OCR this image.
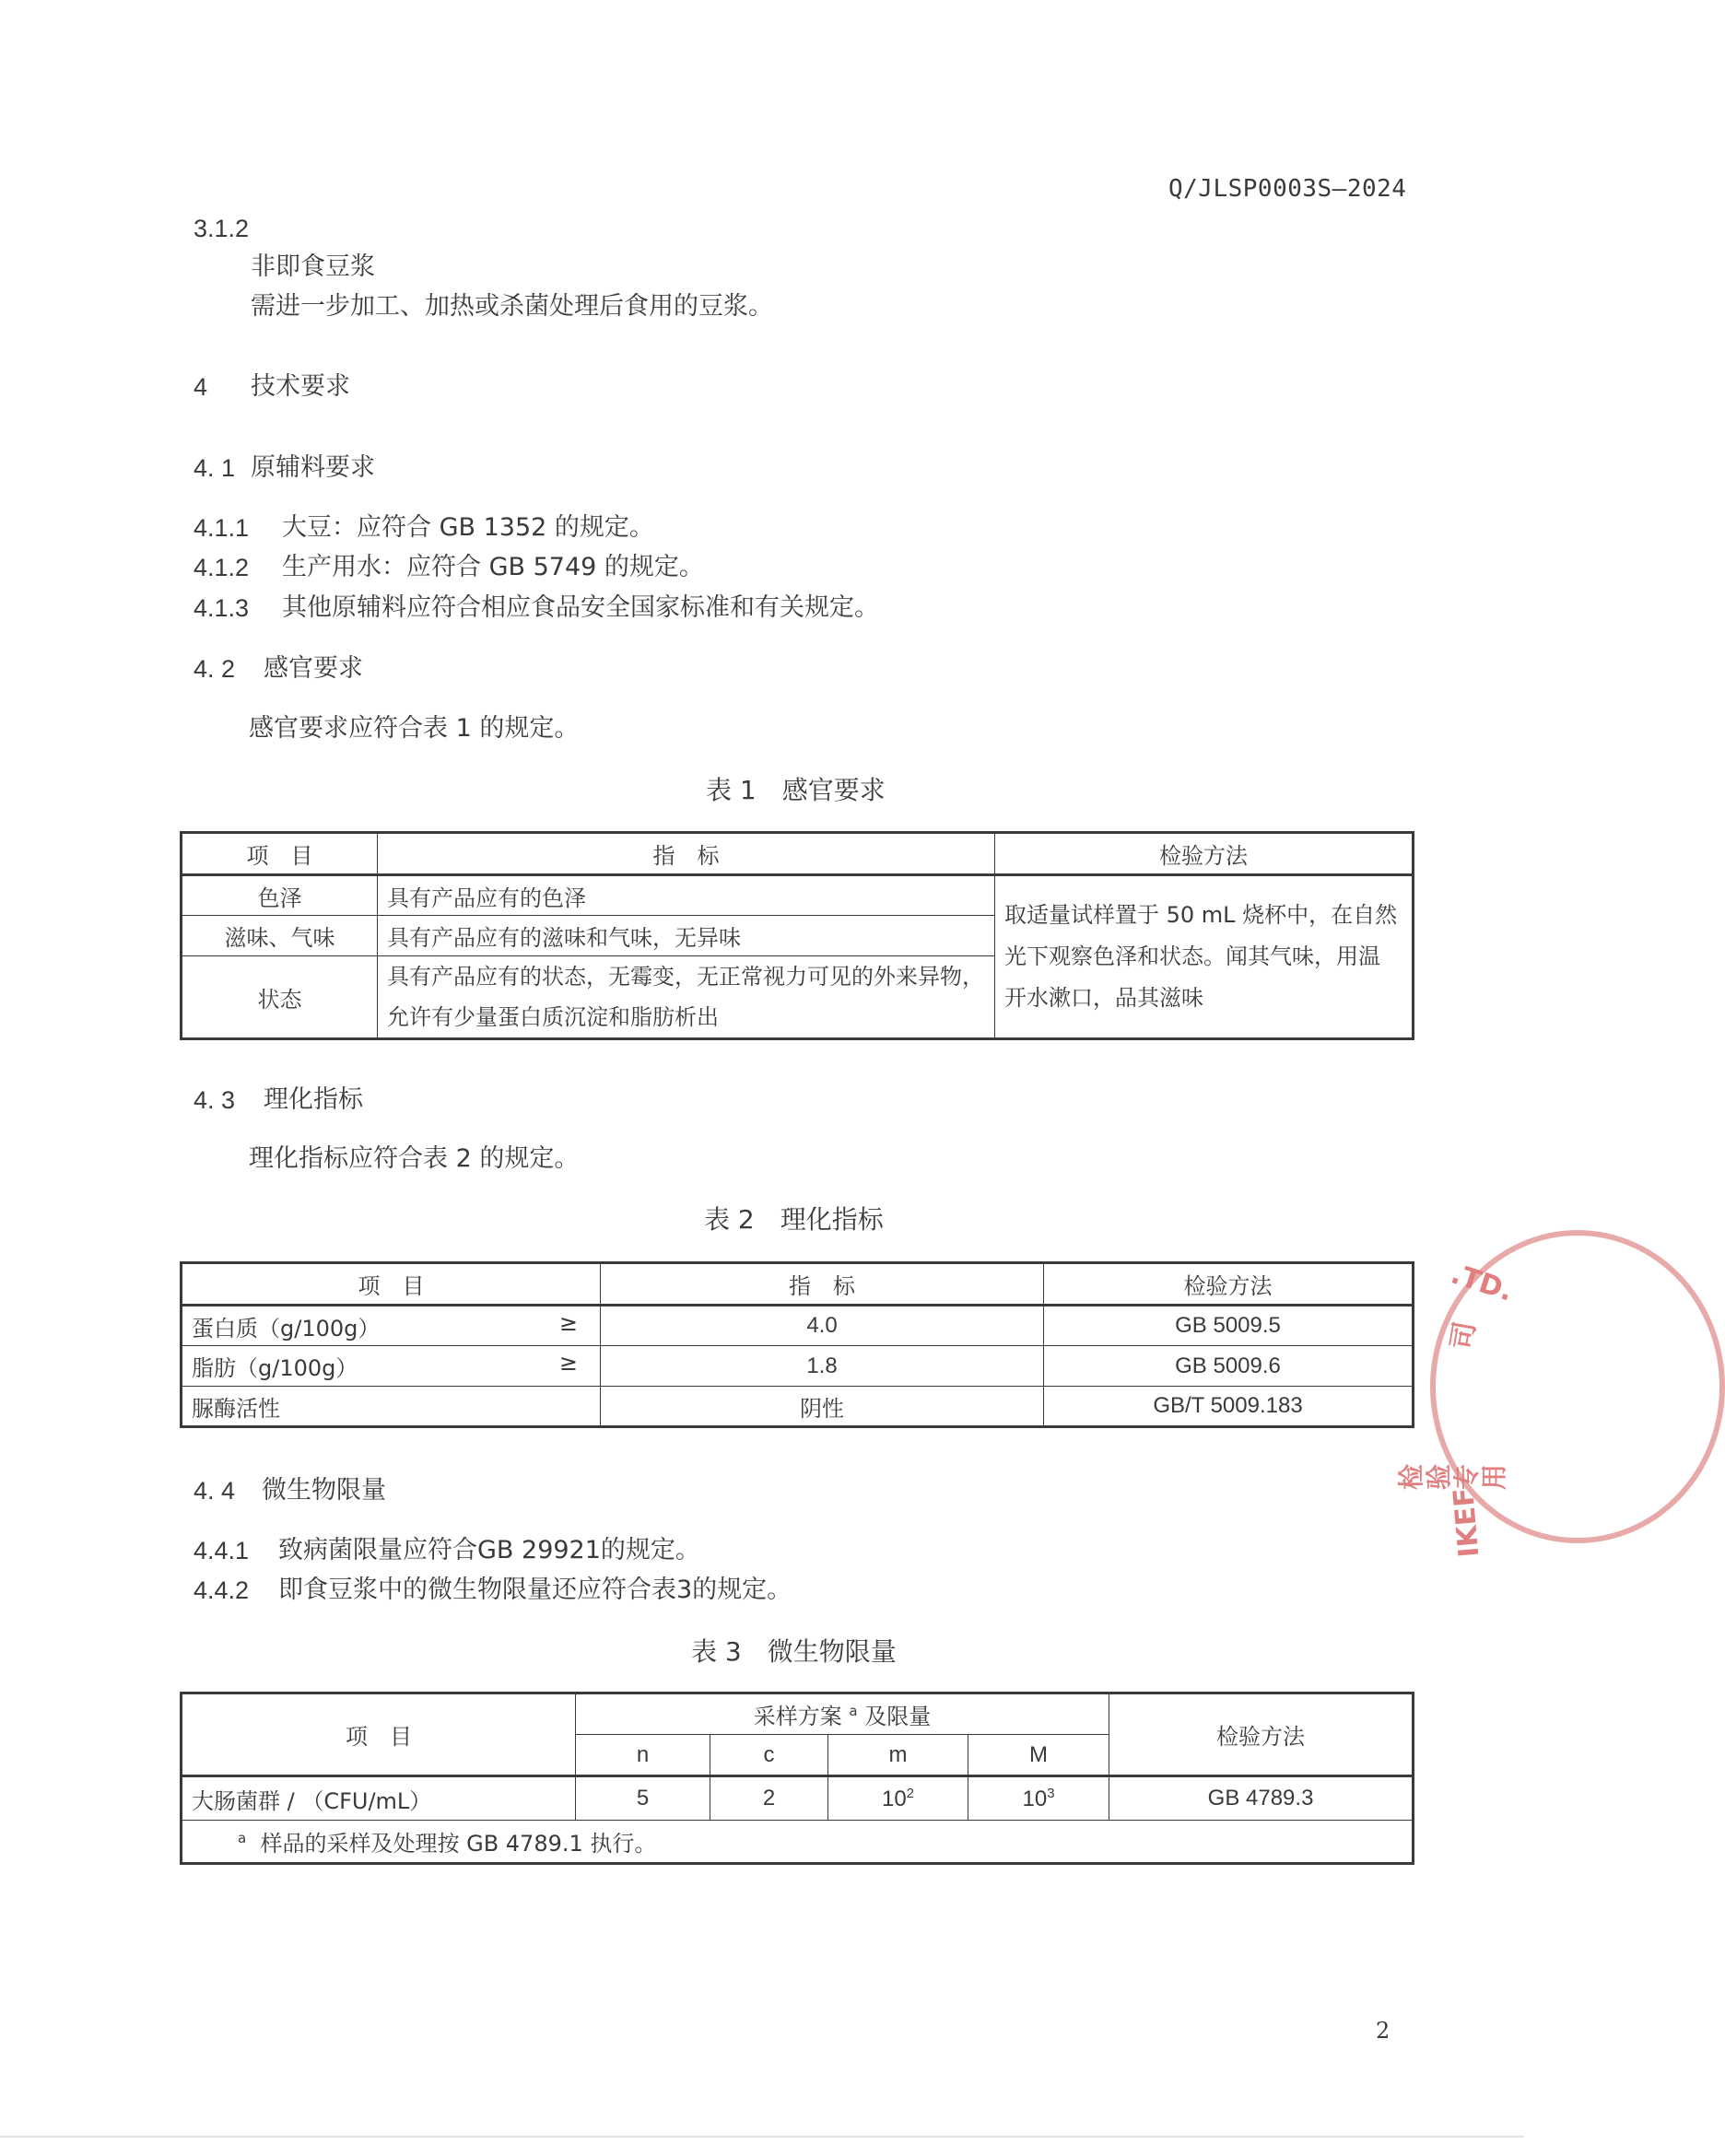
Q/JLSP0003S—2024
3.1.2
非即食豆浆
需进一步加工、加热或杀菌处理后食用的豆浆。
4 技术要求
4. 1 原辅料要求
4.1.1 大豆：应符合 GB 1352 的规定。
4.1.2 生产用水：应符合 GB 5749 的规定。
4.1.3 其他原辅料应符合相应食品安全国家标准和有关规定。
4. 2 感官要求
感官要求应符合表 1 的规定。
表 1　感官要求
项　目	指　标	检验方法
色泽	具有产品应有的色泽	取适量试样置于 50 mL 烧杯中，在自然
光下观察色泽和状态。闻其气味，用温
开水漱口，品其滋味

滋味、气味	具有产品应有的滋味和气味，无异味	
状态	具有产品应有的状态，无霉变，无正常视力可见的外来异物，
允许有少量蛋白质沉淀和脂肪析出	
4. 3 理化指标
理化指标应符合表 2 的规定。
表 2　理化指标
项　目	指　标	检验方法
蛋白质（g/100g） ≥	4.0	GB 5009.5
脂肪（g/100g） ≥	1.8	GB 5009.6
脲酶活性	阴性	GB/T 5009.183
4. 4 微生物限量
4.4.1 致病菌限量应符合GB 29921的规定。
4.4.2 即食豆浆中的微生物限量还应符合表3的规定。
表 3　微生物限量
项　目	采样方案 $^a$ 及限量				检验方法
	n	c	m	M	
大肠菌群 / （CFU/mL）	5	2	$10^2$	$10^3$	GB 4789.3
$^a$ 样品的采样及处理按 GB 4789.1 执行。					
2
.TD.
司
检验专用
IKEF
